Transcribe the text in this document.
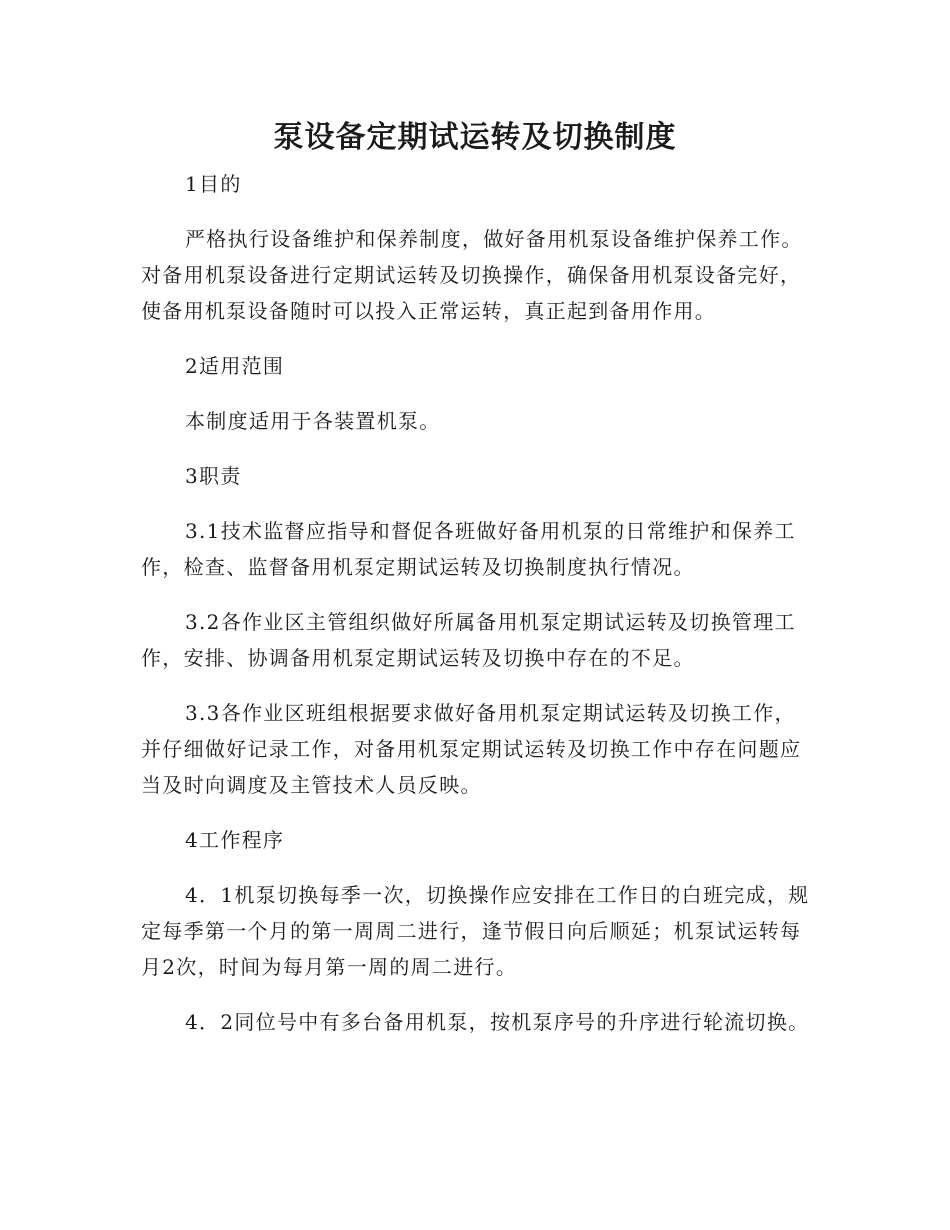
泵设备定期试运转及切换制度

1目的

严格执行设备维护和保养制度，做好备用机泵设备维护保养工作。对备用机泵设备进行定期试运转及切换操作，确保备用机泵设备完好，使备用机泵设备随时可以投入正常运转，真正起到备用作用。

2适用范围

本制度适用于各装置机泵。

3职责

3.1技术监督应指导和督促各班做好备用机泵的日常维护和保养工作，检查、监督备用机泵定期试运转及切换制度执行情况。

3.2各作业区主管组织做好所属备用机泵定期试运转及切换管理工作，安排、协调备用机泵定期试运转及切换中存在的不足。

3.3各作业区班组根据要求做好备用机泵定期试运转及切换工作，并仔细做好记录工作，对备用机泵定期试运转及切换工作中存在问题应当及时向调度及主管技术人员反映。

4工作程序

4．1机泵切换每季一次，切换操作应安排在工作日的白班完成，规定每季第一个月的第一周周二进行，逢节假日向后顺延；机泵试运转每月2次，时间为每月第一周的周二进行。

4．2同位号中有多台备用机泵，按机泵序号的升序进行轮流切换。
